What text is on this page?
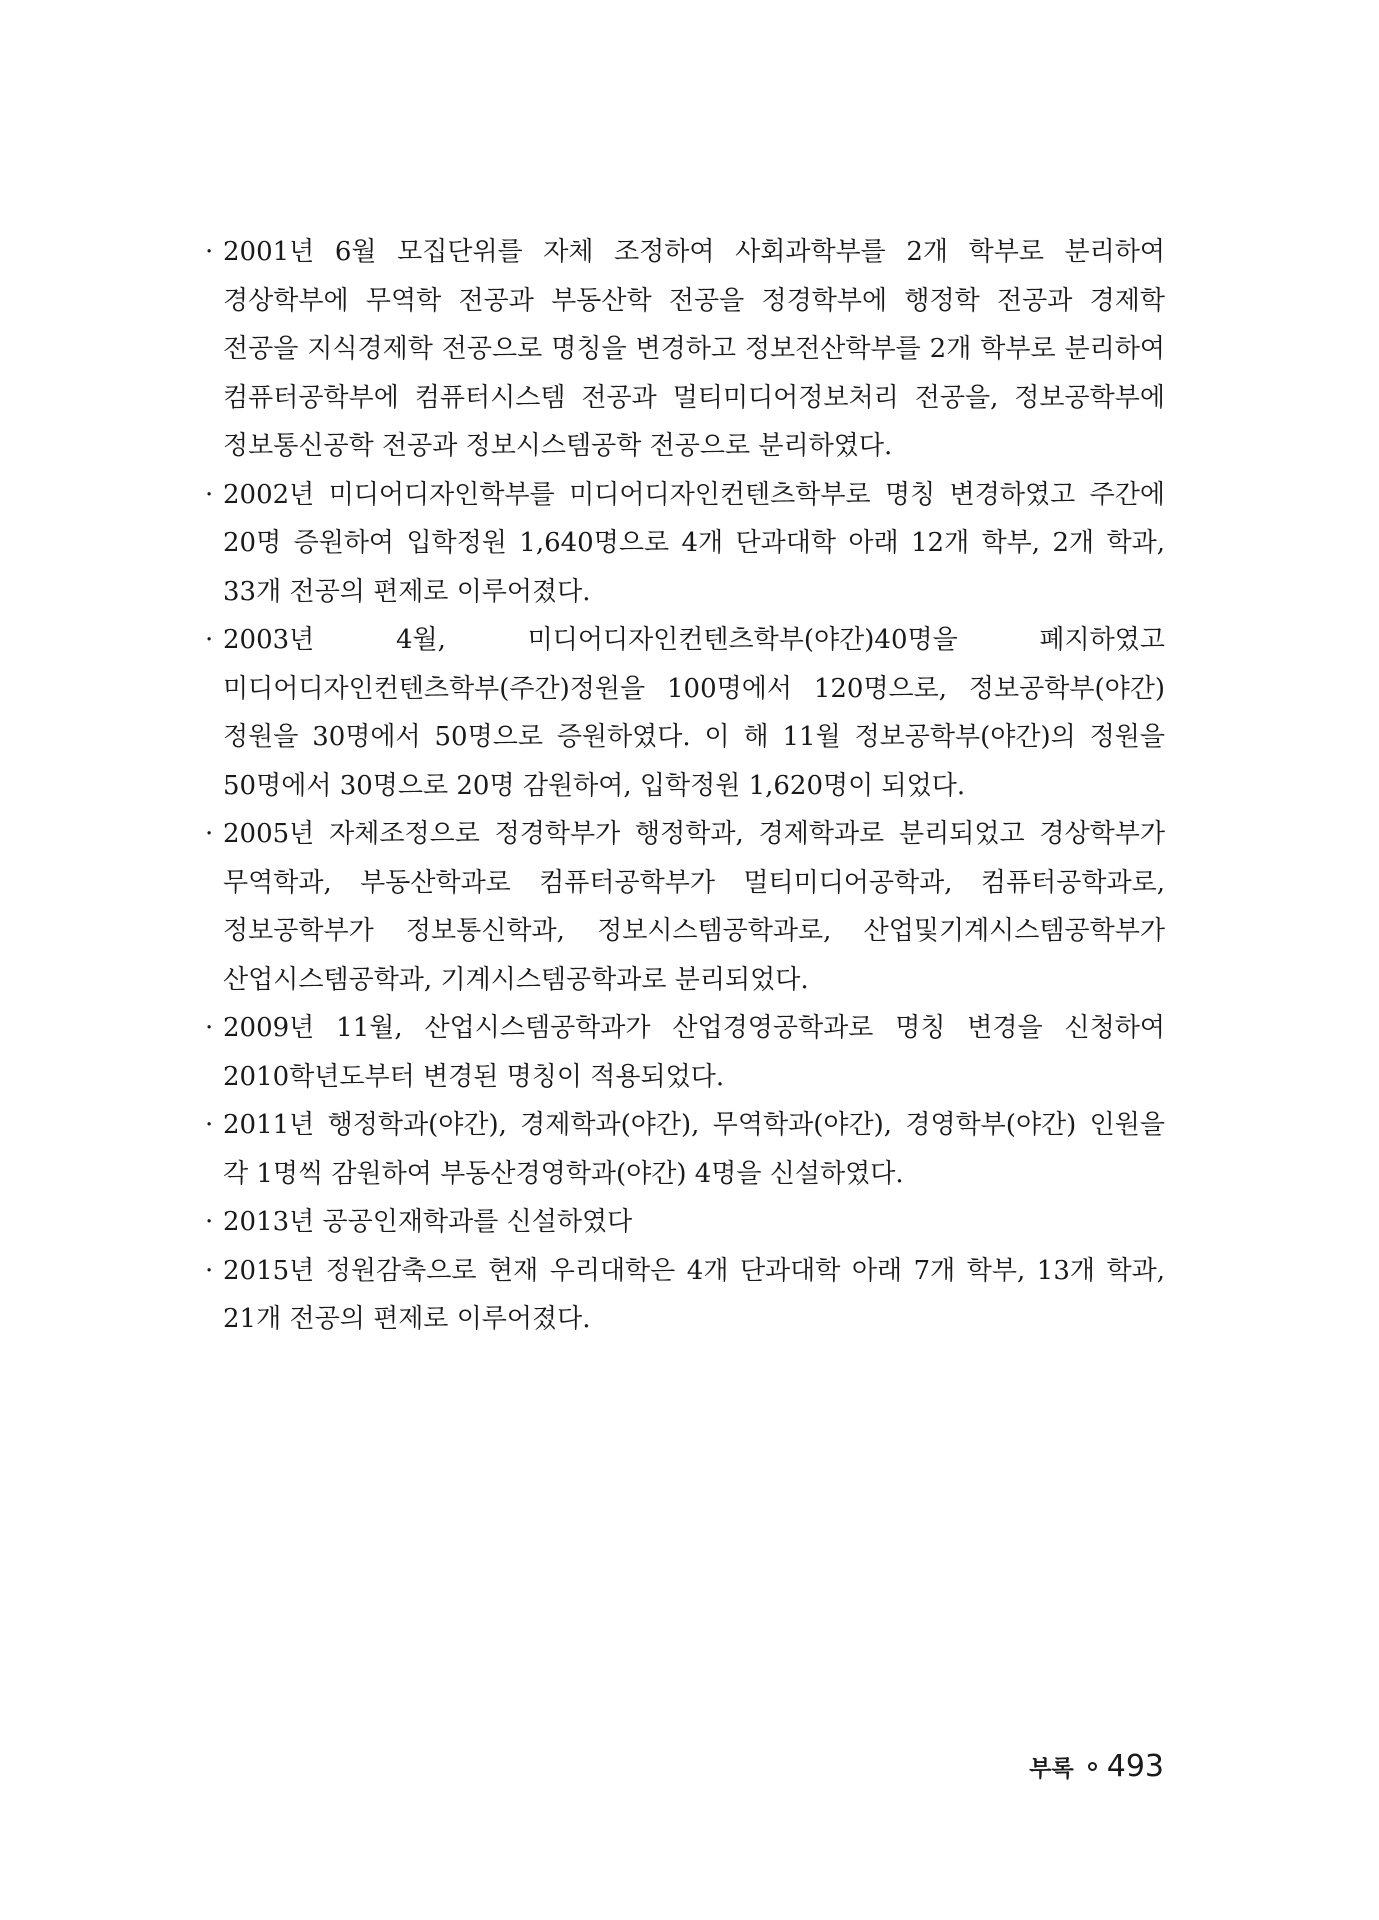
· 2001년 6월 모집단위를 자체 조정하여 사회과학부를 2개 학부로 분리하여 경상학부에 무역학 전공과 부동산학 전공을 정경학부에 행정학 전공과 경제학 전공을 지식경제학 전공으로 명칭을 변경하고 정보전산학부를 2개 학부로 분리하여 컴퓨터공학부에 컴퓨터시스템 전공과 멀티미디어정보처리 전공을, 정보공학부에 정보통신공학 전공과 정보시스템공학 전공으로 분리하였다.
· 2002년 미디어디자인학부를 미디어디자인컨텐츠학부로 명칭 변경하였고 주간에 20명 증원하여 입학정원 1,640명으로 4개 단과대학 아래 12개 학부, 2개 학과, 33개 전공의 편제로 이루어졌다.
· 2003년 4월, 미디어디자인컨텐츠학부(야간)40명을 폐지하였고 미디어디자인컨텐츠학부(주간)정원을 100명에서 120명으로, 정보공학부(야간)정원을 30명에서 50명으로 증원하였다. 이 해 11월 정보공학부(야간)의 정원을 50명에서 30명으로 20명 감원하여, 입학정원 1,620명이 되었다.
· 2005년 자체조정으로 정경학부가 행정학과, 경제학과로 분리되었고 경상학부가 무역학과, 부동산학과로 컴퓨터공학부가 멀티미디어공학과, 컴퓨터공학과로, 정보공학부가 정보통신학과, 정보시스템공학과로, 산업및기계시스템공학부가 산업시스템공학과, 기계시스템공학과로 분리되었다.
· 2009년 11월, 산업시스템공학과가 산업경영공학과로 명칭 변경을 신청하여 2010학년도부터 변경된 명칭이 적용되었다.
· 2011년 행정학과(야간), 경제학과(야간), 무역학과(야간), 경영학부(야간) 인원을 각 1명씩 감원하여 부동산경영학과(야간) 4명을 신설하였다.
· 2013년 공공인재학과를 신설하였다
· 2015년 정원감축으로 현재 우리대학은 4개 단과대학 아래 7개 학부, 13개 학과, 21개 전공의 편제로 이루어졌다.
부록 493
